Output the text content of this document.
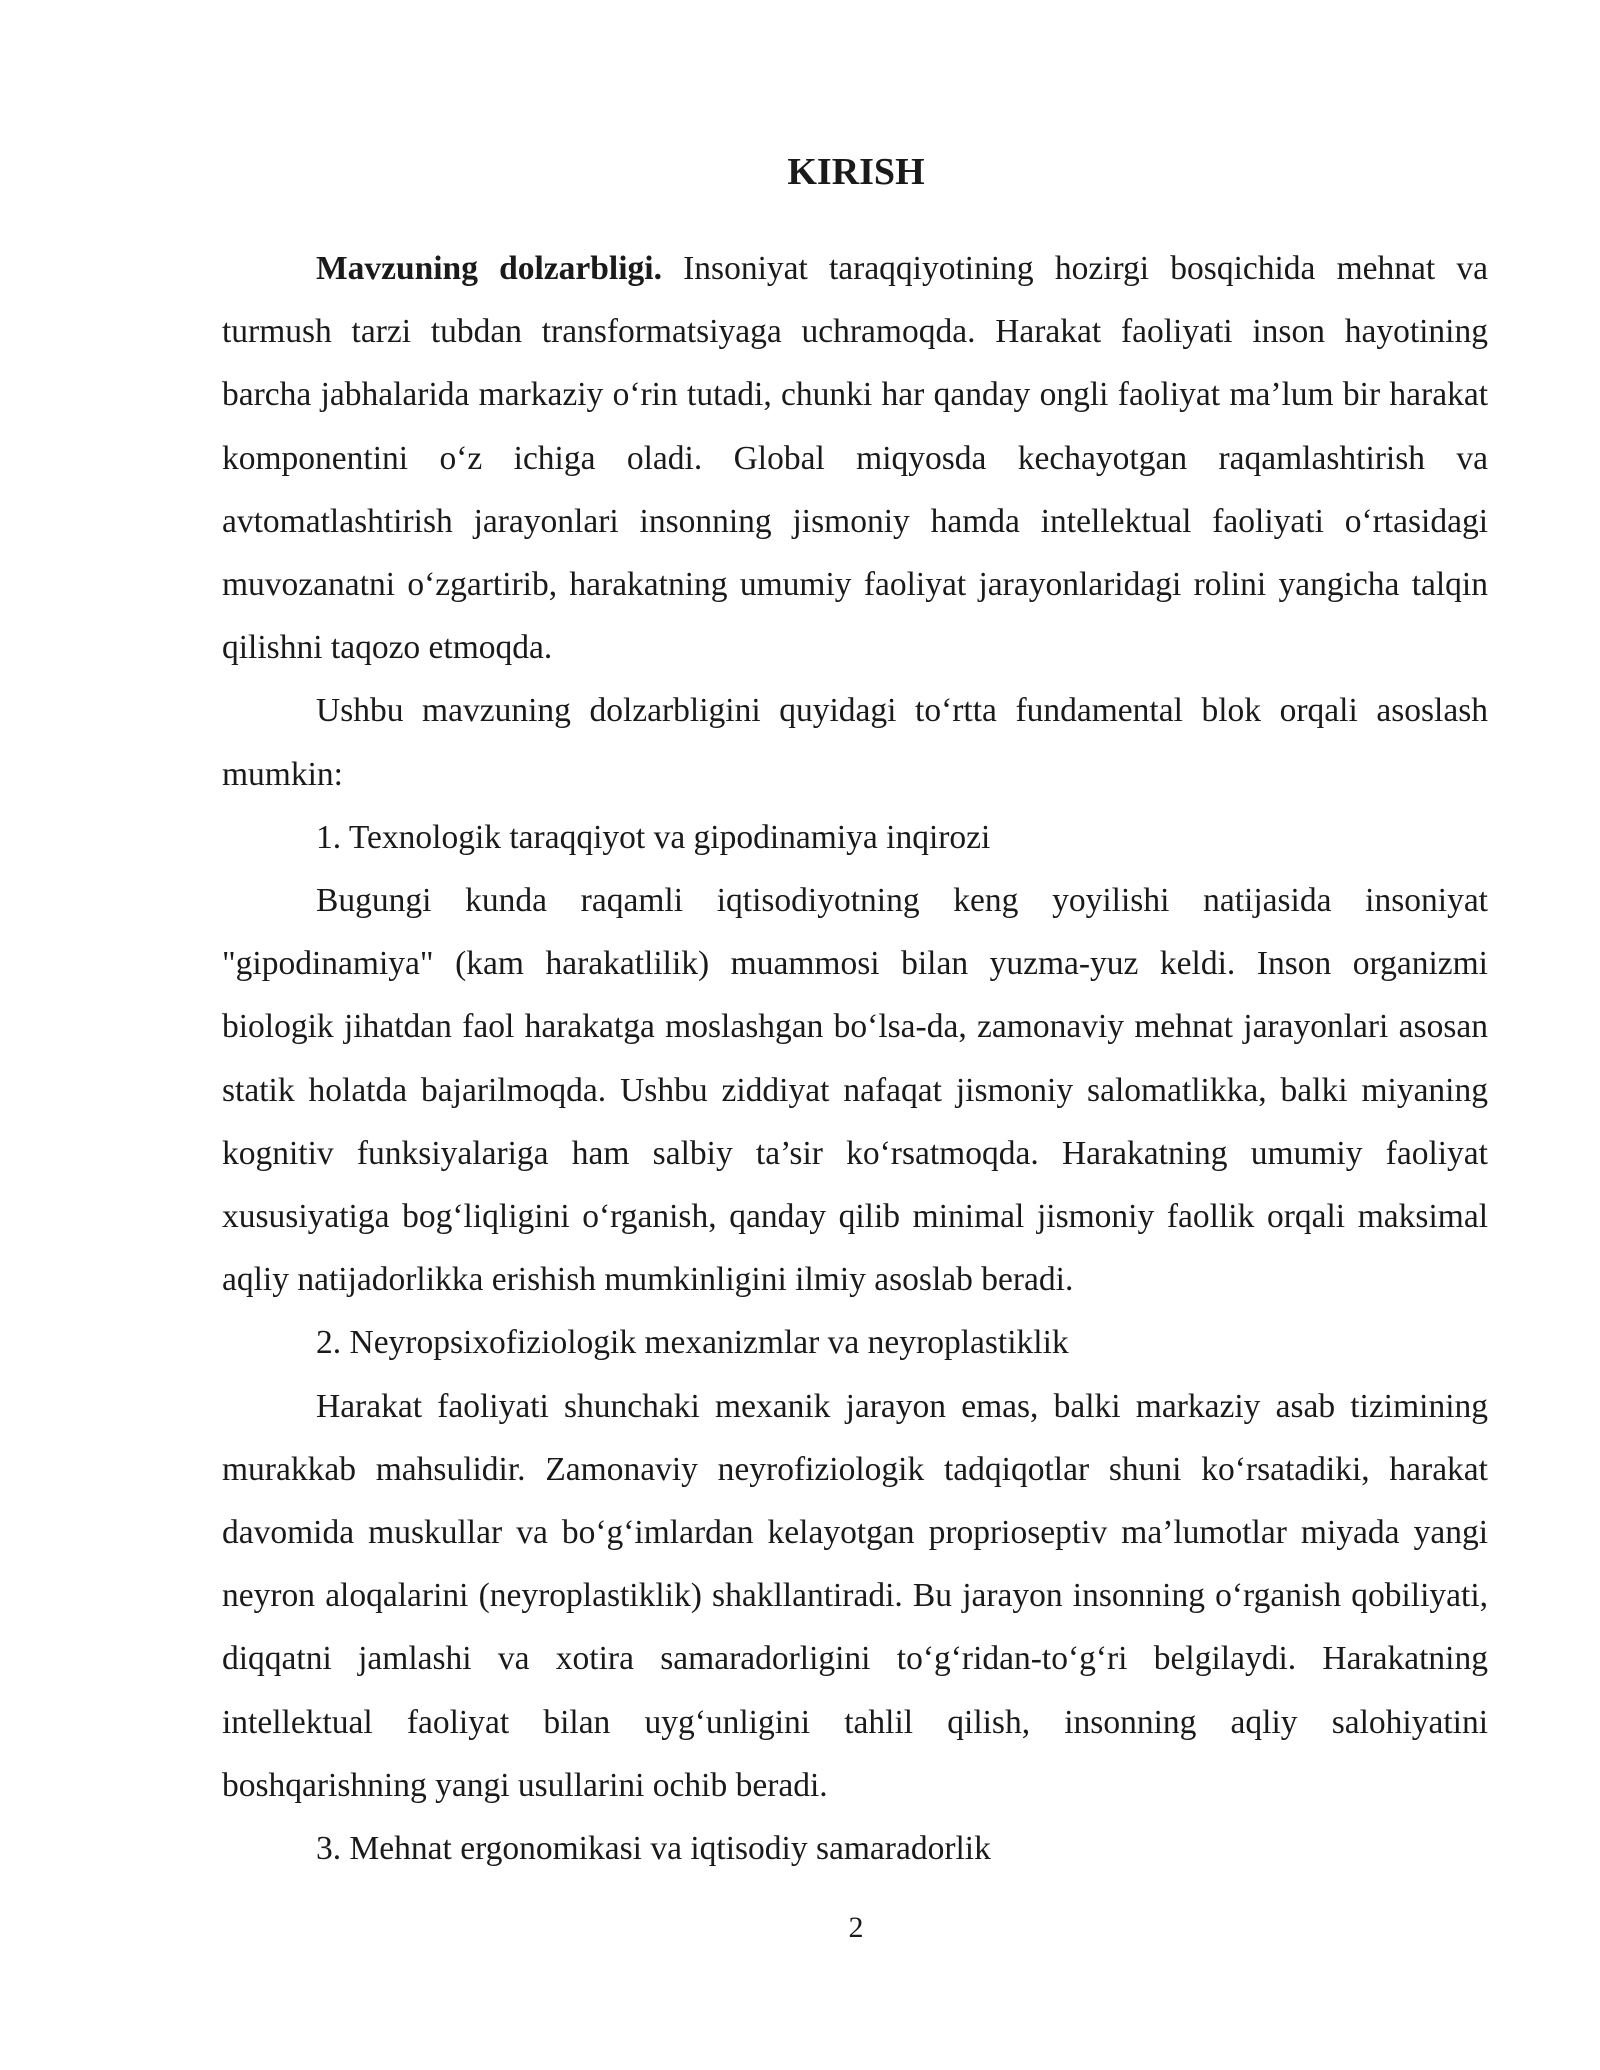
KIRISH

Mavzuning dolzarbligi. Insoniyat taraqqiyotining hozirgi bosqichida mehnat va turmush tarzi tubdan transformatsiyaga uchramoqda. Harakat faoliyati inson hayotining barcha jabhalarida markaziy o‘rin tutadi, chunki har qanday ongli faoliyat ma’lum bir harakat komponentini o‘z ichiga oladi. Global miqyosda kechayotgan raqamlashtirish va avtomatlashtirish jarayonlari insonning jismoniy hamda intellektual faoliyati o‘rtasidagi muvozanatni o‘zgartirib, harakatning umumiy faoliyat jarayonlaridagi rolini yangicha talqin qilishni taqozo etmoqda.

Ushbu mavzuning dolzarbligini quyidagi to‘rtta fundamental blok orqali asoslash mumkin:

1. Texnologik taraqqiyot va gipodinamiya inqirozi

Bugungi kunda raqamli iqtisodiyotning keng yoyilishi natijasida insoniyat "gipodinamiya" (kam harakatlilik) muammosi bilan yuzma-yuz keldi. Inson organizmi biologik jihatdan faol harakatga moslashgan bo‘lsa-da, zamonaviy mehnat jarayonlari asosan statik holatda bajarilmoqda. Ushbu ziddiyat nafaqat jismoniy salomatlikka, balki miyaning kognitiv funksiyalariga ham salbiy ta’sir ko‘rsatmoqda. Harakatning umumiy faoliyat xususiyatiga bog‘liqligini o‘rganish, qanday qilib minimal jismoniy faollik orqali maksimal aqliy natijadorlikka erishish mumkinligini ilmiy asoslab beradi.

2. Neyropsixofiziologik mexanizmlar va neyroplastiklik

Harakat faoliyati shunchaki mexanik jarayon emas, balki markaziy asab tizimining murakkab mahsulidir. Zamonaviy neyrofiziologik tadqiqotlar shuni ko‘rsatadiki, harakat davomida muskullar va bo‘g‘imlardan kelayotgan proprioseptiv ma’lumotlar miyada yangi neyron aloqalarini (neyroplastiklik) shakllantiradi. Bu jarayon insonning o‘rganish qobiliyati, diqqatni jamlashi va xotira samaradorligini to‘g‘ridan-to‘g‘ri belgilaydi. Harakatning intellektual faoliyat bilan uyg‘unligini tahlil qilish, insonning aqliy salohiyatini boshqarishning yangi usullarini ochib beradi.

3. Mehnat ergonomikasi va iqtisodiy samaradorlik

2
